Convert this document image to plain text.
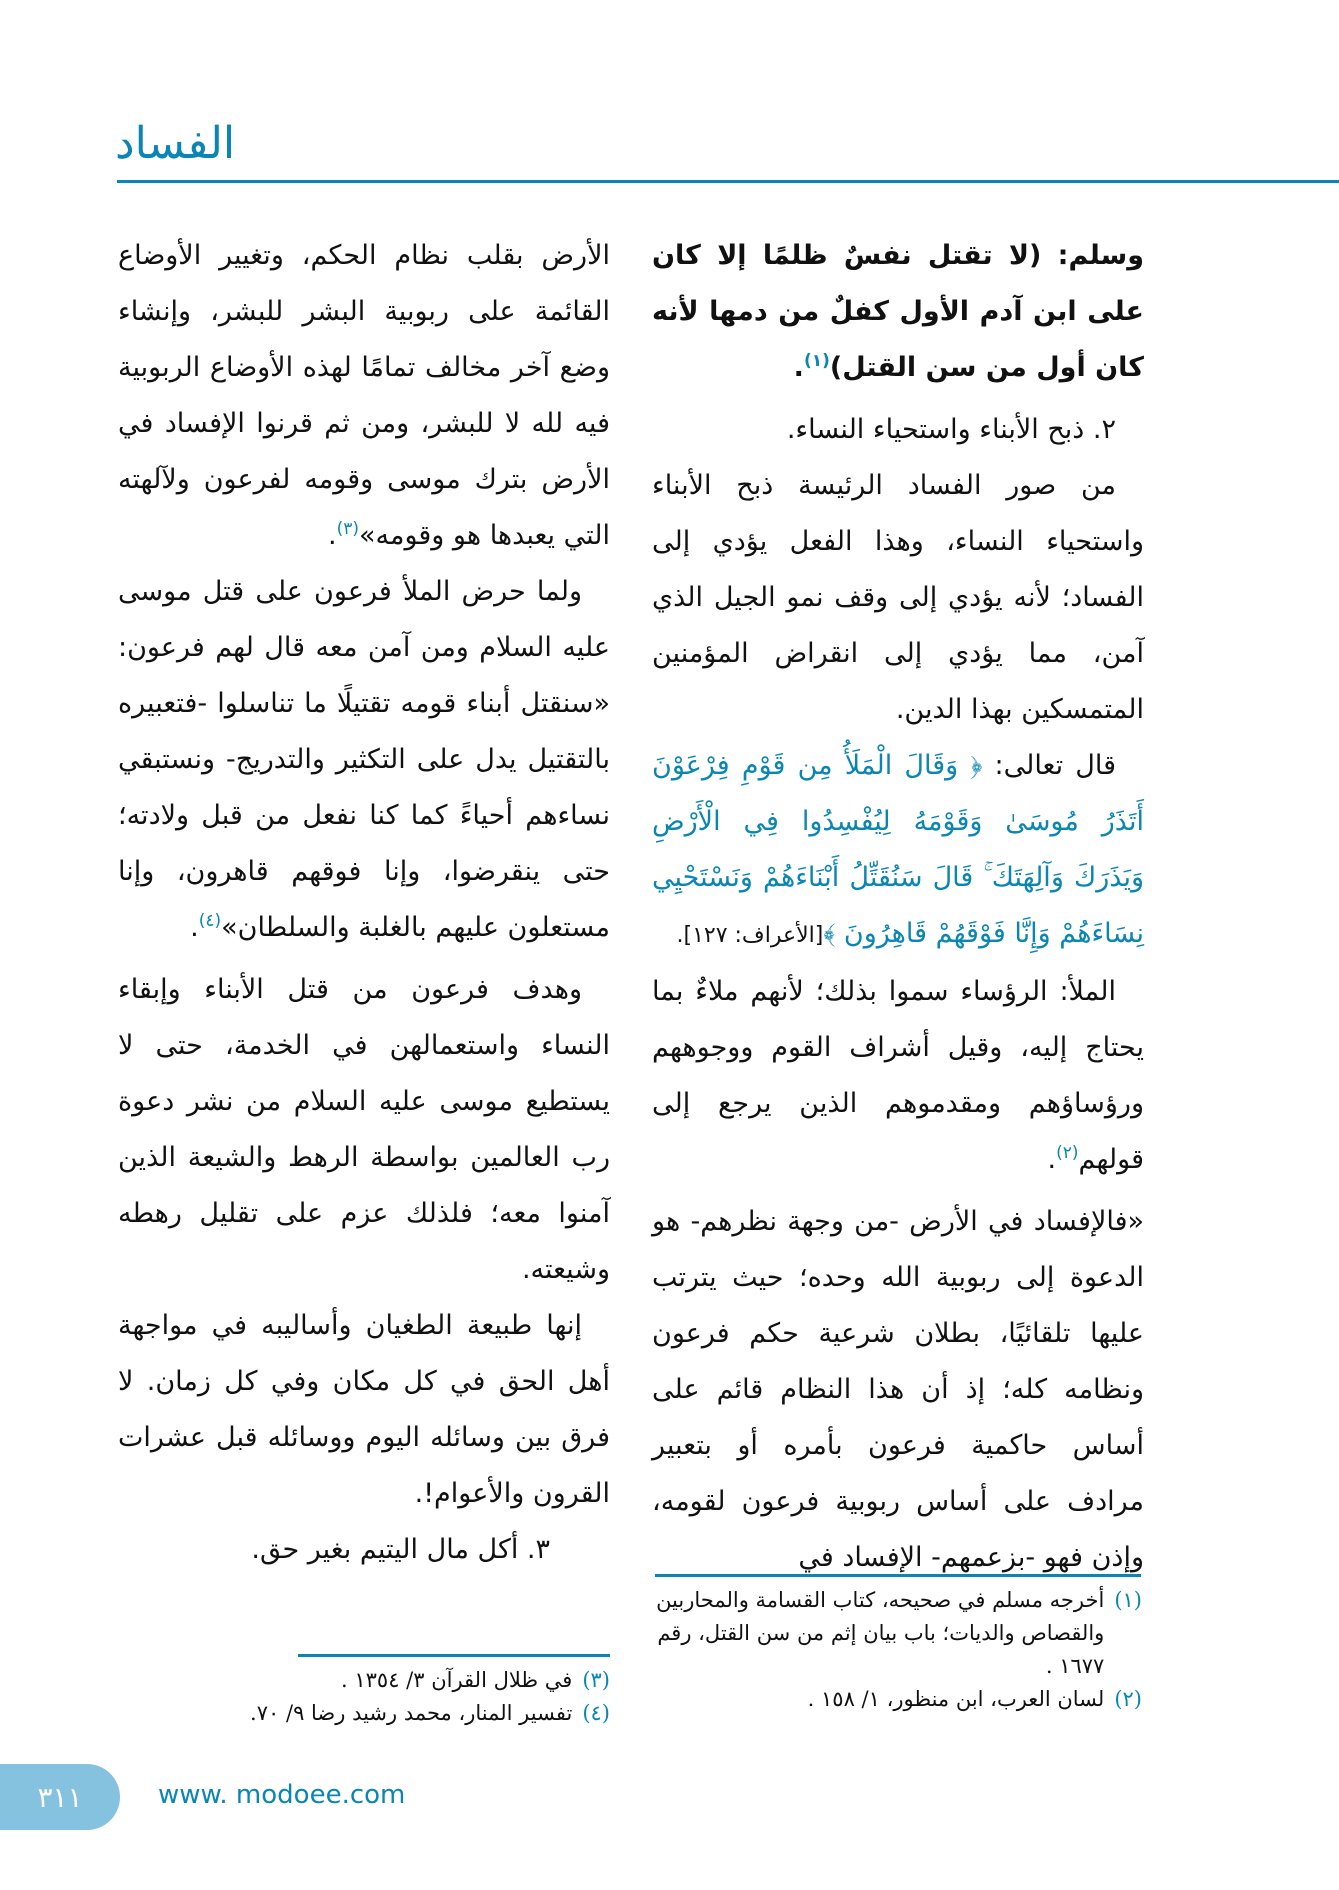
الفساد

وسلم: (لا تقتل نفسٌ ظلمًا إلا كان على ابن آدم الأول كفلٌ من دمها لأنه كان أول من سن القتل)$^{(١)}$.

٢. ذبح الأبناء واستحياء النساء.

من صور الفساد الرئيسة ذبح الأبناء واستحياء النساء، وهذا الفعل يؤدي إلى الفساد؛ لأنه يؤدي إلى وقف نمو الجيل الذي آمن، مما يؤدي إلى انقراض المؤمنين المتمسكين بهذا الدين.

قال تعالى: ﴿ وَقَالَ الْمَلَأُ مِن قَوْمِ فِرْعَوْنَ أَتَذَرُ مُوسَىٰ وَقَوْمَهُ لِيُفْسِدُوا فِي الْأَرْضِ وَيَذَرَكَ وَآلِهَتَكَ ۚ قَالَ سَنُقَتِّلُ أَبْنَاءَهُمْ وَنَسْتَحْيِي نِسَاءَهُمْ وَإِنَّا فَوْقَهُمْ قَاهِرُونَ ﴾[الأعراف: ١٢٧].

الملأ: الرؤساء سموا بذلك؛ لأنهم ملاءٌ بما يحتاج إليه، وقيل أشراف القوم ووجوههم ورؤساؤهم ومقدموهم الذين يرجع إلى قولهم$^{(٢)}$.

«فالإفساد في الأرض -من وجهة نظرهم- هو الدعوة إلى ربوبية الله وحده؛ حيث يترتب عليها تلقائيًا، بطلان شرعية حكم فرعون ونظامه كله؛ إذ أن هذا النظام قائم على أساس حاكمية فرعون بأمره أو بتعبير مرادف على أساس ربوبية فرعون لقومه، وإذن فهو -بزعمهم- الإفساد في

(١)
أخرجه مسلم في صحيحه، كتاب القسامة والمحاربين والقصاص والديات؛ باب بيان إثم من سن القتل، رقم ١٦٧٧ .
(٢)
لسان العرب، ابن منظور، ١/ ١٥٨ .

الأرض بقلب نظام الحكم، وتغيير الأوضاع القائمة على ربوبية البشر للبشر، وإنشاء وضع آخر مخالف تمامًا لهذه الأوضاع الربوبية فيه لله لا للبشر، ومن ثم قرنوا الإفساد في الأرض بترك موسى وقومه لفرعون ولآلهته التي يعبدها هو وقومه»$^{(٣)}$.

ولما حرض الملأ فرعون على قتل موسى عليه السلام ومن آمن معه قال لهم فرعون: «سنقتل أبناء قومه تقتيلًا ما تناسلوا -فتعبيره بالتقتيل يدل على التكثير والتدريج- ونستبقي نساءهم أحياءً كما كنا نفعل من قبل ولادته؛ حتى ينقرضوا، وإنا فوقهم قاهرون، وإنا مستعلون عليهم بالغلبة والسلطان»$^{(٤)}$.

وهدف فرعون من قتل الأبناء وإبقاء النساء واستعمالهن في الخدمة، حتى لا يستطيع موسى عليه السلام من نشر دعوة رب العالمين بواسطة الرهط والشيعة الذين آمنوا معه؛ فلذلك عزم على تقليل رهطه وشيعته.

إنها طبيعة الطغيان وأساليبه في مواجهة أهل الحق في كل مكان وفي كل زمان. لا فرق بين وسائله اليوم ووسائله قبل عشرات القرون والأعوام!.

٣. أكل مال اليتيم بغير حق.

(٣)
في ظلال القرآن ٣/ ١٣٥٤ .
(٤)
تفسير المنار، محمد رشيد رضا ٩/ ٧٠.
٣١١	www. modoee.com
